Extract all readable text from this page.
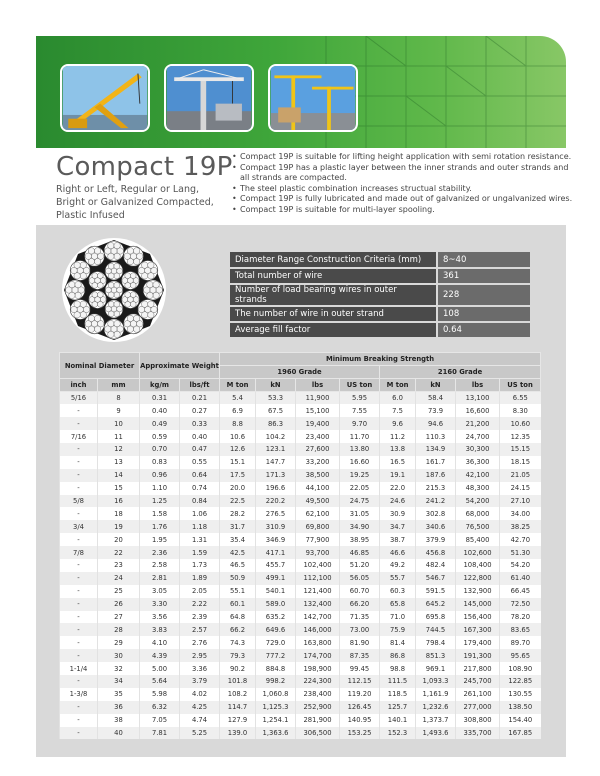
Compact 19P
Right or Left, Regular or Lang, Bright or Galvanized Compacted, Plastic Infused
• Compact 19P is suitable for lifting height application with semi rotation resistance.
• Compact 19P has a plastic layer between the inner strands and outer strands and all strands are compacted.
• The steel plastic combination increases structual stability.
• Compact 19P is fully lubricated and made out of galvanized or ungalvanized wires.
• Compact 19P is suitable for multi-layer spooling.
Diameter Range Construction Criteria (mm)	8~40
Total number of wire	361
Number of load bearing wires in outer strands	228
The number of wire in outer strand	108
Average fill factor	0.64
Nominal Diameter		Approximate Weight		Minimum Breaking Strength							
				1960 Grade				2160 Grade			
inch	mm	kg/m	lbs/ft	M ton	kN	lbs	US ton	M ton	kN	lbs	US ton
5/16	8	0.31	0.21	5.4	53.3	11,900	5.95	6.0	58.4	13,100	6.55
-	9	0.40	0.27	6.9	67.5	15,100	7.55	7.5	73.9	16,600	8.30
-	10	0.49	0.33	8.8	86.3	19,400	9.70	9.6	94.6	21,200	10.60
7/16	11	0.59	0.40	10.6	104.2	23,400	11.70	11.2	110.3	24,700	12.35
-	12	0.70	0.47	12.6	123.1	27,600	13.80	13.8	134.9	30,300	15.15
-	13	0.83	0.55	15.1	147.7	33,200	16.60	16.5	161.7	36,300	18.15
-	14	0.96	0.64	17.5	171.3	38,500	19.25	19.1	187.6	42,100	21.05
-	15	1.10	0.74	20.0	196.6	44,100	22.05	22.0	215.3	48,300	24.15
5/8	16	1.25	0.84	22.5	220.2	49,500	24.75	24.6	241.2	54,200	27.10
-	18	1.58	1.06	28.2	276.5	62,100	31.05	30.9	302.8	68,000	34.00
3/4	19	1.76	1.18	31.7	310.9	69,800	34.90	34.7	340.6	76,500	38.25
-	20	1.95	1.31	35.4	346.9	77,900	38.95	38.7	379.9	85,400	42.70
7/8	22	2.36	1.59	42.5	417.1	93,700	46.85	46.6	456.8	102,600	51.30
-	23	2.58	1.73	46.5	455.7	102,400	51.20	49.2	482.4	108,400	54.20
-	24	2.81	1.89	50.9	499.1	112,100	56.05	55.7	546.7	122,800	61.40
-	25	3.05	2.05	55.1	540.1	121,400	60.70	60.3	591.5	132,900	66.45
-	26	3.30	2.22	60.1	589.0	132,400	66.20	65.8	645.2	145,000	72.50
-	27	3.56	2.39	64.8	635.2	142,700	71.35	71.0	695.8	156,400	78.20
-	28	3.83	2.57	66.2	649.6	146,000	73.00	75.9	744.5	167,300	83.65
-	29	4.10	2.76	74.3	729.0	163,800	81.90	81.4	798.4	179,400	89.70
-	30	4.39	2.95	79.3	777.2	174,700	87.35	86.8	851.3	191,300	95.65
1-1/4	32	5.00	3.36	90.2	884.8	198,900	99.45	98.8	969.1	217,800	108.90
-	34	5.64	3.79	101.8	998.2	224,300	112.15	111.5	1,093.3	245,700	122.85
1-3/8	35	5.98	4.02	108.2	1,060.8	238,400	119.20	118.5	1,161.9	261,100	130.55
-	36	6.32	4.25	114.7	1,125.3	252,900	126.45	125.7	1,232.6	277,000	138.50
-	38	7.05	4.74	127.9	1,254.1	281,900	140.95	140.1	1,373.7	308,800	154.40
-	40	7.81	5.25	139.0	1,363.6	306,500	153.25	152.3	1,493.6	335,700	167.85
